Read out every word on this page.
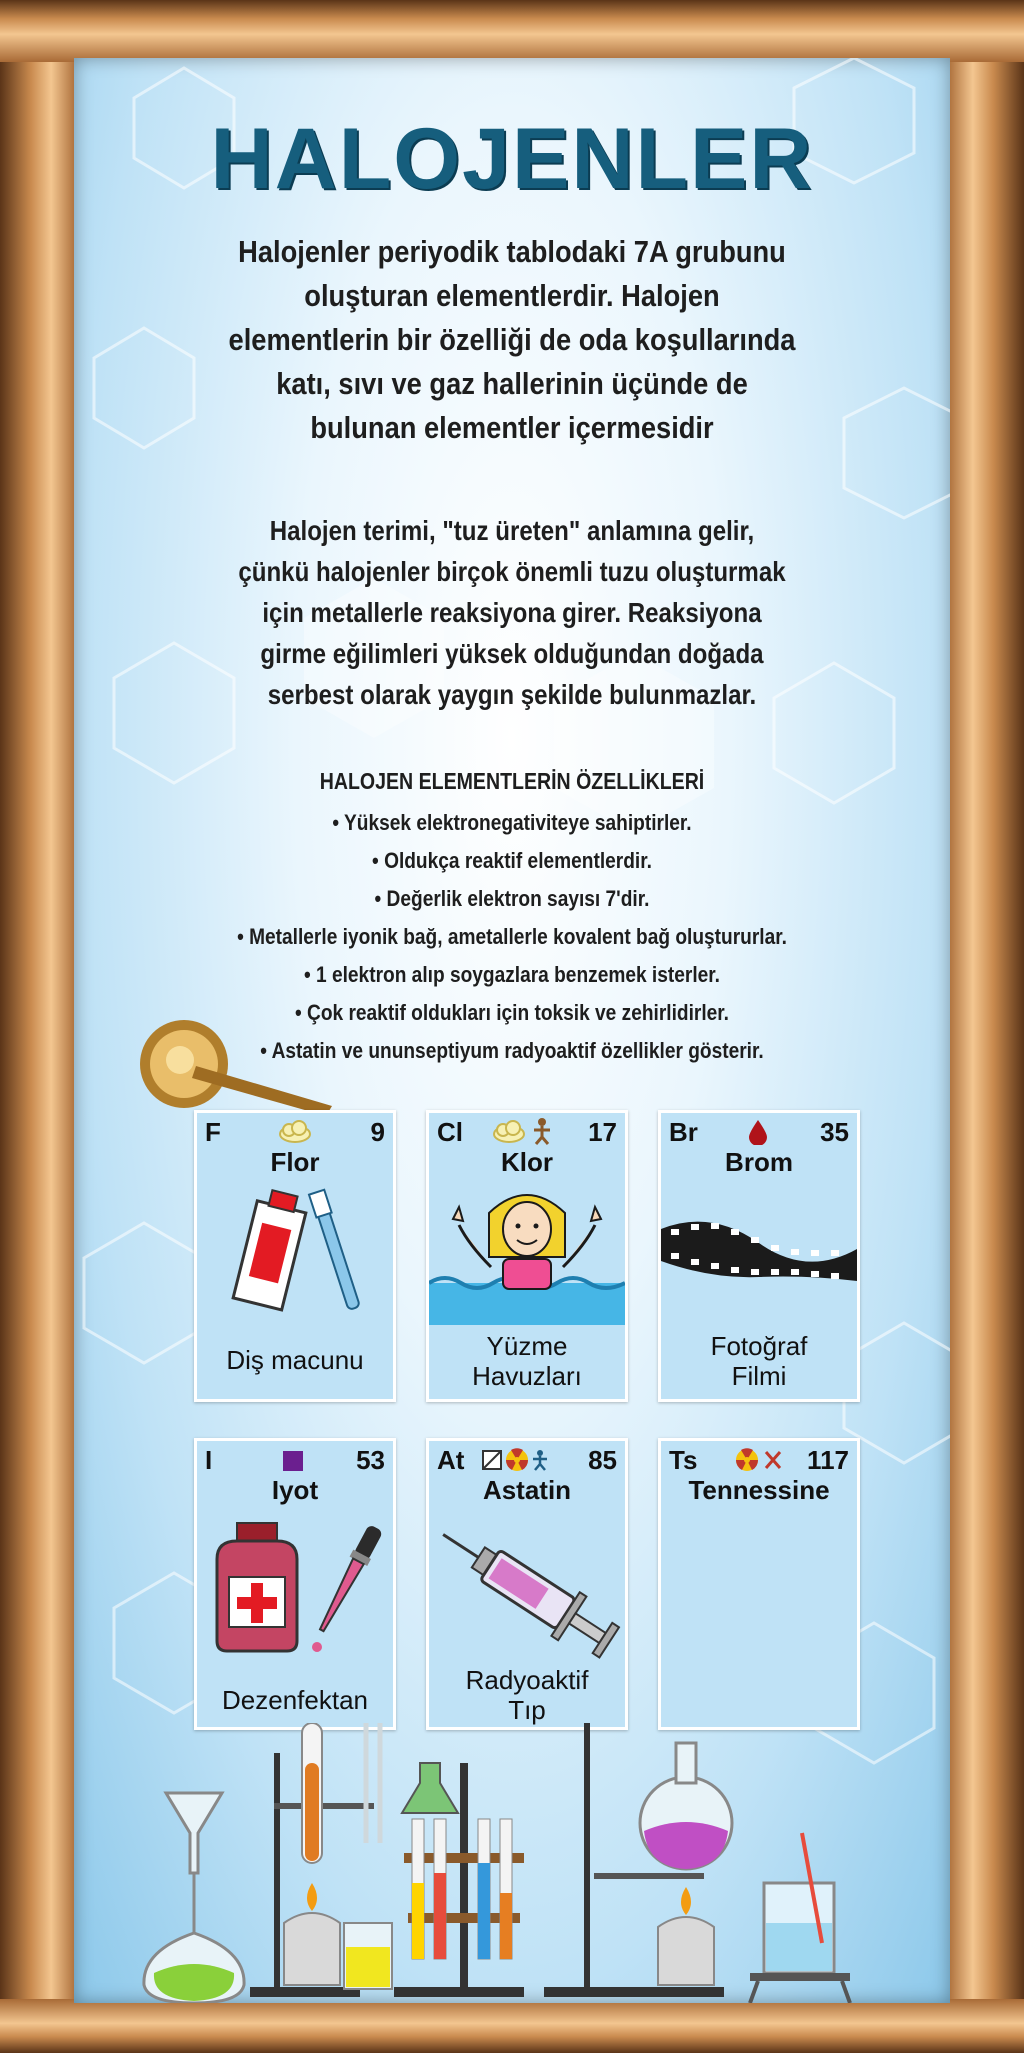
HALOJENLER
Halojenler periyodik tablodaki 7A grubunu
oluşturan elementlerdir. Halojen
elementlerin bir özelliği de oda koşullarında
katı, sıvı ve gaz hallerinin üçünde de
bulunan elementler içermesidir
Halojen terimi, "tuz üreten" anlamına gelir,
çünkü halojenler birçok önemli tuzu oluşturmak
için metallerle reaksiyona girer. Reaksiyona
girme eğilimleri yüksek olduğundan doğada
serbest olarak yaygın şekilde bulunmazlar.
HALOJEN ELEMENTLERİN ÖZELLİKLERİ
• Yüksek elektronegativiteye sahiptirler.
• Oldukça reaktif elementlerdir.
• Değerlik elektron sayısı 7'dir.
• Metallerle iyonik bağ, ametallerle kovalent bağ oluştururlar.
• 1 elektron alıp soygazlara benzemek isterler.
• Çok reaktif oldukları için toksik ve zehirlidirler.
• Astatin ve ununseptiyum radyoaktif özellikler gösterir.
F	9
Flor
Diş macunu
Cl	17
Klor
Yüzme
Havuzları
Br	35
Brom
Fotoğraf
Filmi
I	53
Iyot
Dezenfektan
At	85
Astatin
Radyoaktif
Tıp
Ts	117
Tennessine
